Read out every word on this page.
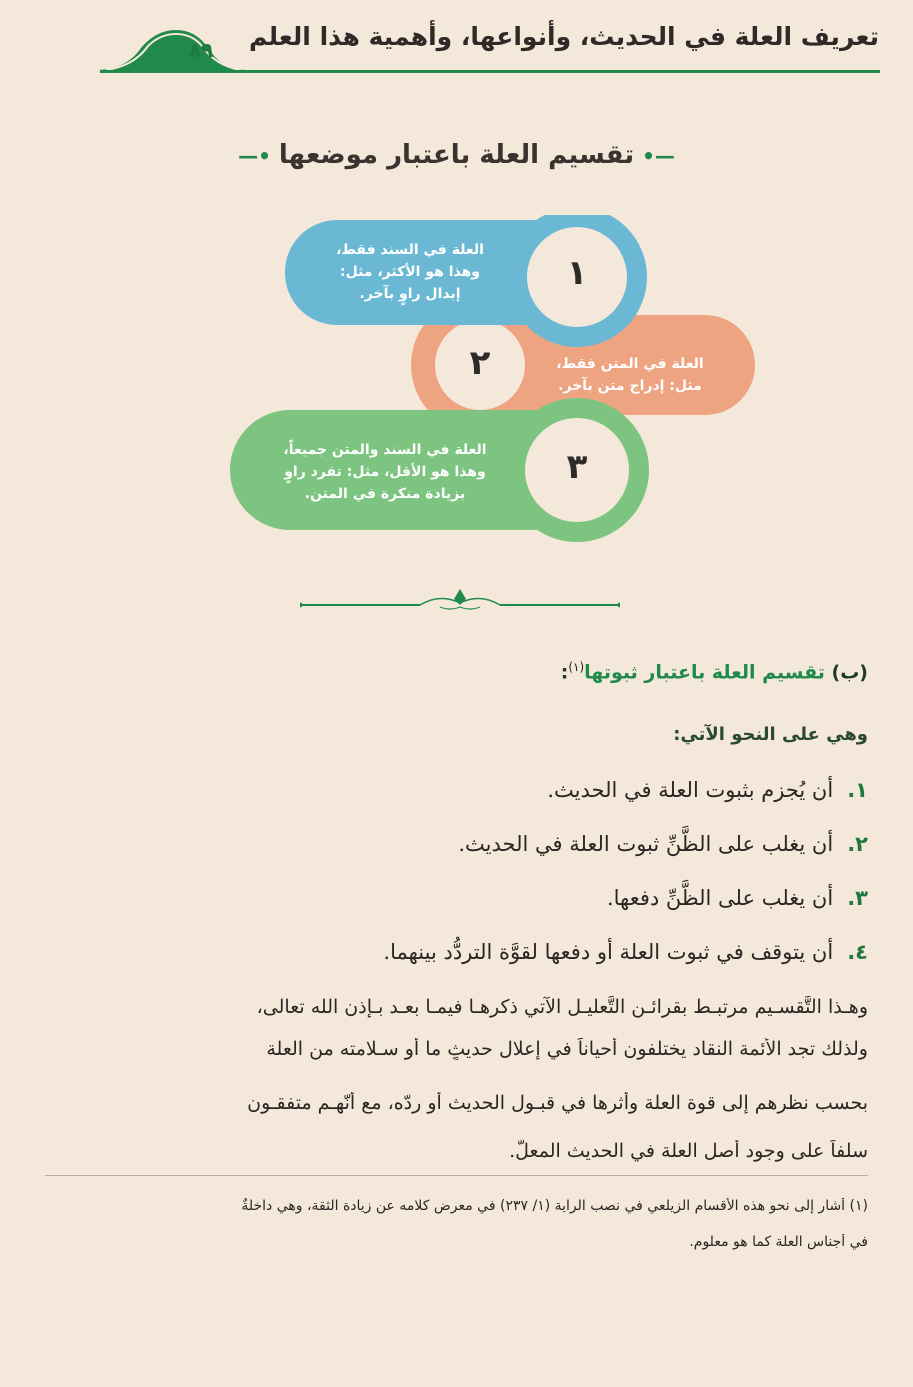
تعريف العلة في الحديث، وأنواعها، وأهمية هذا العلم
٨٩
—•تقسيم العلة باعتبار موضعها•—
١
٢
٣
العلة في السند فقط،
وهذا هو الأكثر، مثل:
إبدال راوٍ بآخر.
العلة في المتن فقط،
مثل: إدراج متن بآخر.
العلة في السند والمتن جميعاً،
وهذا هو الأقل، مثل: تفرد راوٍ
بزيادة منكرة في المتن.
(ب) تقسيم العلة باعتبار ثبوتها$^{(١)}$:
وهي على النحو الآتي:
١.أن يُجزم بثبوت العلة في الحديث.
٢.أن يغلب على الظَّنِّ ثبوت العلة في الحديث.
٣.أن يغلب على الظَّنِّ دفعها.
٤.أن يتوقف في ثبوت العلة أو دفعها لقوَّة التردُّد بينهما.
وهـذا التَّقسـيم مرتبـط بقرائـن التَّعليـل الآتي ذكرهـا فيمـا بعـد بـإذن الله تعالى،
ولذلك تجد الأئمة النقاد يختلفون أحياناً في إعلال حديثٍ ما أو سـلامته من العلة
بحسب نظرهم إلى قوة العلة وأثرها في قبـول الحديث أو ردّه، مع أنّهـم متفقـون
سلفاً على وجود أصل العلة في الحديث المعلّ.
(١) أشار إلى نحو هذه الأقسام الزيلعي في نصب الراية (١/ ٢٣٧) في معرض كلامه عن زيادة الثقة، وهي داخلةٌ
في أجناس العلة كما هو معلوم.
